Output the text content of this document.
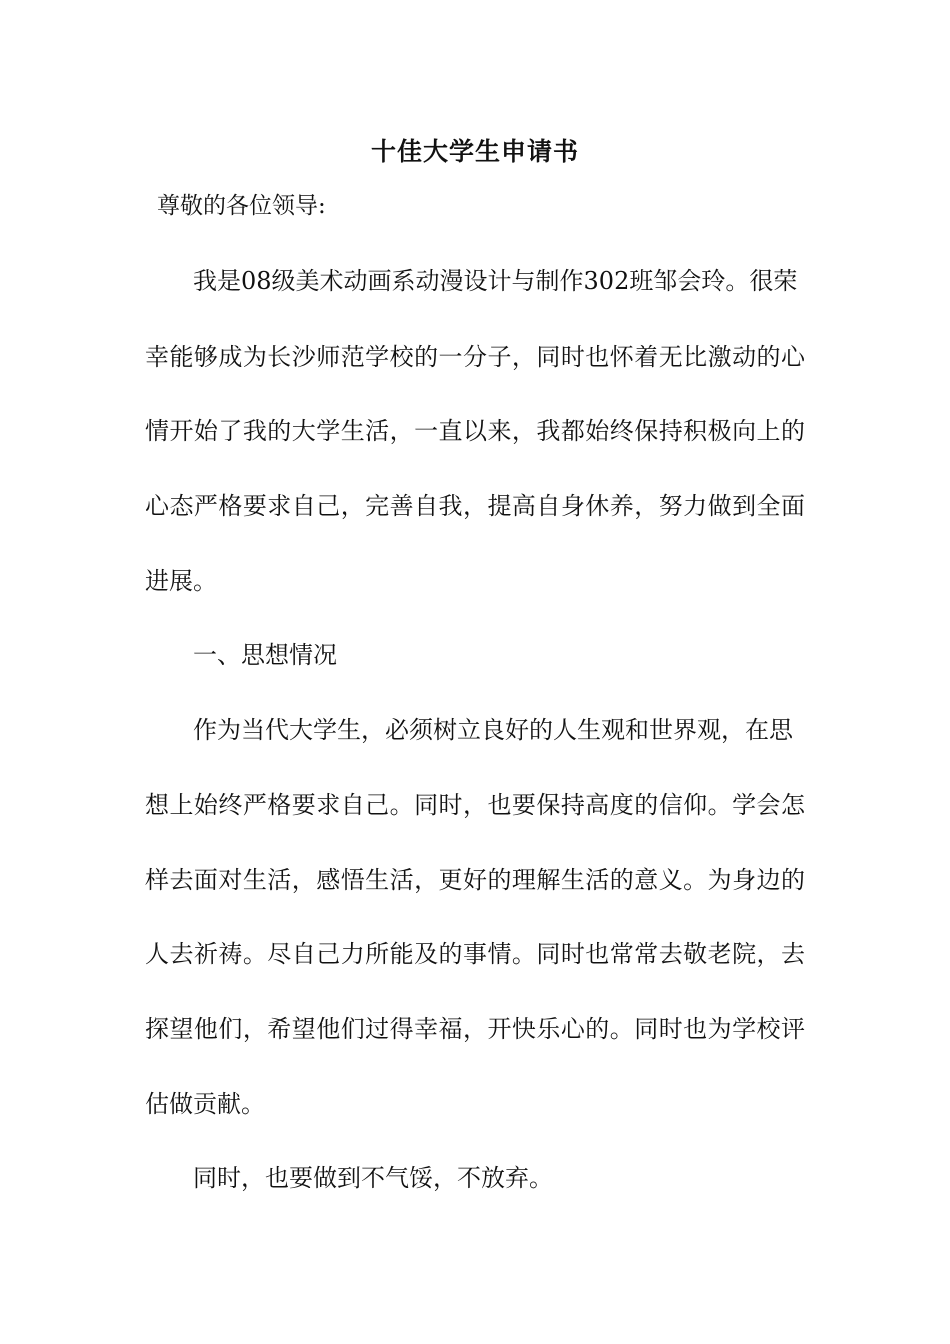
十佳大学生申请书

尊敬的各位领导:

我是08级美术动画系动漫设计与制作302班邹会玲。很荣

幸能够成为长沙师范学校的一分子，同时也怀着无比激动的心

情开始了我的大学生活，一直以来，我都始终保持积极向上的

心态严格要求自己，完善自我，提高自身休养，努力做到全面

进展。

一、思想情况

作为当代大学生，必须树立良好的人生观和世界观，在思

想上始终严格要求自己。同时，也要保持高度的信仰。学会怎

样去面对生活，感悟生活，更好的理解生活的意义。为身边的

人去祈祷。尽自己力所能及的事情。同时也常常去敬老院，去

探望他们，希望他们过得幸福，开快乐心的。同时也为学校评

估做贡献。

同时，也要做到不气馁，不放弃。
